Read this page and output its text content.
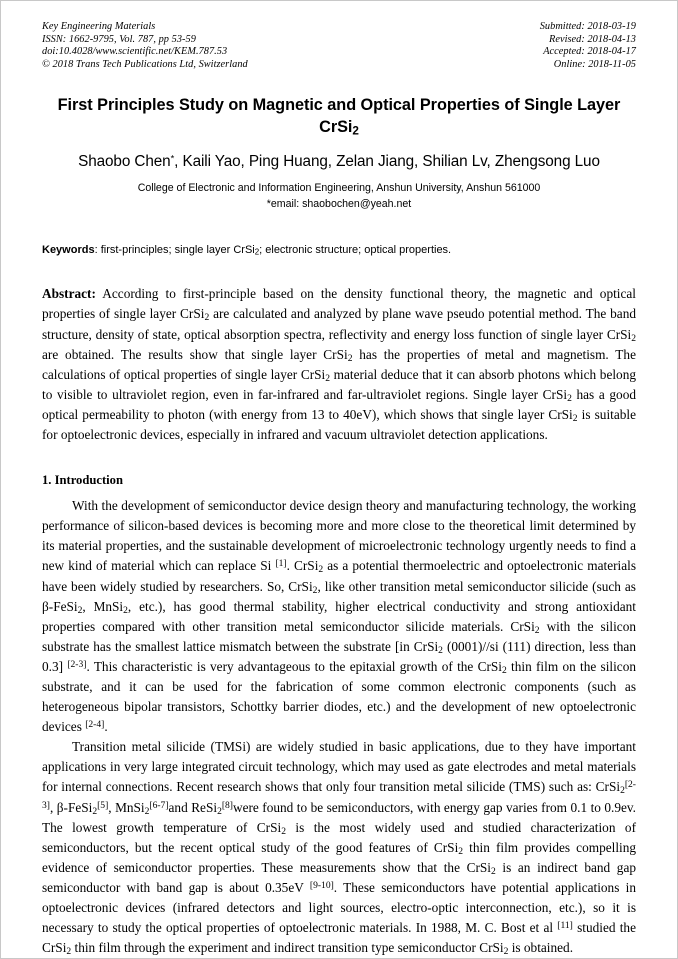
Key Engineering Materials
ISSN: 1662-9795, Vol. 787, pp 53-59
doi:10.4028/www.scientific.net/KEM.787.53
© 2018 Trans Tech Publications Ltd, Switzerland
Submitted: 2018-03-19
Revised: 2018-04-13
Accepted: 2018-04-17
Online: 2018-11-05
First Principles Study on Magnetic and Optical Properties of Single Layer CrSi$_2$
Shaobo Chen*, Kaili Yao, Ping Huang, Zelan Jiang, Shilian Lv, Zhengsong Luo
College of Electronic and Information Engineering, Anshun University, Anshun 561000
*email: shaobochen@yeah.net
Keywords: first-principles; single layer CrSi$_2$; electronic structure; optical properties.
Abstract: According to first-principle based on the density functional theory, the magnetic and optical properties of single layer CrSi$_2$ are calculated and analyzed by plane wave pseudo potential method. The band structure, density of state, optical absorption spectra, reflectivity and energy loss function of single layer CrSi$_2$ are obtained. The results show that single layer CrSi$_2$ has the properties of metal and magnetism. The calculations of optical properties of single layer CrSi$_2$ material deduce that it can absorb photons which belong to visible to ultraviolet region, even in far-infrared and far-ultraviolet regions. Single layer CrSi$_2$ has a good optical permeability to photon (with energy from 13 to 40eV), which shows that single layer CrSi$_2$ is suitable for optoelectronic devices, especially in infrared and vacuum ultraviolet detection applications.
1. Introduction
With the development of semiconductor device design theory and manufacturing technology, the working performance of silicon-based devices is becoming more and more close to the theoretical limit determined by its material properties, and the sustainable development of microelectronic technology urgently needs to find a new kind of material which can replace Si [1]. CrSi$_2$ as a potential thermoelectric and optoelectronic materials have been widely studied by researchers. So, CrSi$_2$, like other transition metal semiconductor silicide (such as β-FeSi$_2$, MnSi$_2$, etc.), has good thermal stability, higher electrical conductivity and strong antioxidant properties compared with other transition metal semiconductor silicide materials. CrSi$_2$ with the silicon substrate has the smallest lattice mismatch between the substrate [in CrSi$_2$ (0001)//si (111) direction, less than 0.3] [2-3]. This characteristic is very advantageous to the epitaxial growth of the CrSi$_2$ thin film on the silicon substrate, and it can be used for the fabrication of some common electronic components (such as heterogeneous bipolar transistors, Schottky barrier diodes, etc.) and the development of new optoelectronic devices [2-4].
Transition metal silicide (TMSi) are widely studied in basic applications, due to they have important applications in very large integrated circuit technology, which may used as gate electrodes and metal materials for internal connections. Recent research shows that only four transition metal silicide (TMS) such as: CrSi$_2$[2-3], β-FeSi$_2$[5], MnSi$_2$[6-7]and ReSi$_2$[8]were found to be semiconductors, with energy gap varies from 0.1 to 0.9ev. The lowest growth temperature of CrSi$_2$ is the most widely used and studied characterization of semiconductors, but the recent optical study of the good features of CrSi$_2$ thin film provides compelling evidence of semiconductor properties. These measurements show that the CrSi$_2$ is an indirect band gap semiconductor with band gap is about 0.35eV [9-10]. These semiconductors have potential applications in optoelectronic devices (infrared detectors and light sources, electro-optic interconnection, etc.), so it is necessary to study the optical properties of optoelectronic materials. In 1988, M. C. Bost et al [11] studied the CrSi$_2$ thin film through the experiment and indirect transition type semiconductor CrSi$_2$ is obtained.
